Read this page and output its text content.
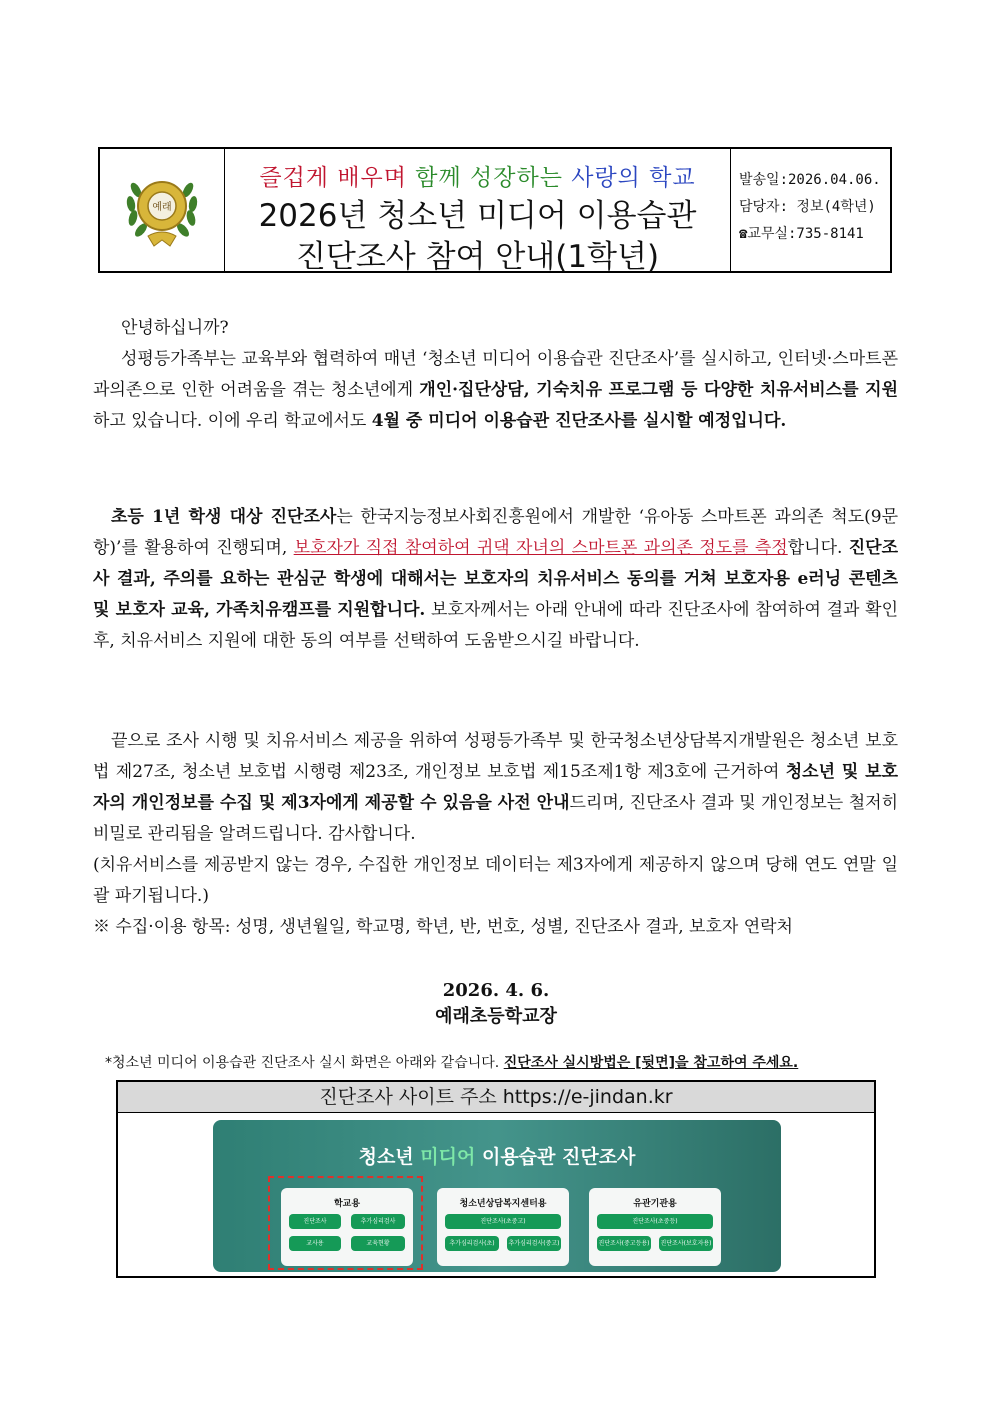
예래
즐겁게 배우며 함께 성장하는 사랑의 학교
2026년 청소년 미디어 이용습관
진단조사 참여 안내(1학년)
발송일:2026.04.06.
담당자: 정보(4학년)
☎교무실:735-8141
안녕하십니까?
성평등가족부는 교육부와 협력하여 매년 ‘청소년 미디어 이용습관 진단조사’를 실시하고, 인터넷·스마트폰 과의존으로 인한 어려움을 겪는 청소년에게 개인·집단상담, 기숙치유 프로그램 등 다양한 치유서비스를 지원하고 있습니다. 이에 우리 학교에서도 4월 중 미디어 이용습관 진단조사를 실시할 예정입니다.
초등 1년 학생 대상 진단조사는 한국지능정보사회진흥원에서 개발한 ‘유아동 스마트폰 과의존 척도(9문항)’를 활용하여 진행되며, 보호자가 직접 참여하여 귀댁 자녀의 스마트폰 과의존 정도를 측정합니다. 진단조사 결과, 주의를 요하는 관심군 학생에 대해서는 보호자의 치유서비스 동의를 거쳐 보호자용 e러닝 콘텐츠 및 보호자 교육, 가족치유캠프를 지원합니다. 보호자께서는 아래 안내에 따라 진단조사에 참여하여 결과 확인 후, 치유서비스 지원에 대한 동의 여부를 선택하여 도움받으시길 바랍니다.
끝으로 조사 시행 및 치유서비스 제공을 위하여 성평등가족부 및 한국청소년상담복지개발원은 청소년 보호법 제27조, 청소년 보호법 시행령 제23조, 개인정보 보호법 제15조제1항 제3호에 근거하여 청소년 및 보호자의 개인정보를 수집 및 제3자에게 제공할 수 있음을 사전 안내드리며, 진단조사 결과 및 개인정보는 철저히 비밀로 관리됨을 알려드립니다. 감사합니다.
(치유서비스를 제공받지 않는 경우, 수집한 개인정보 데이터는 제3자에게 제공하지 않으며 당해 연도 연말 일괄 파기됩니다.)
※ 수집·이용 항목: 성명, 생년월일, 학교명, 학년, 반, 번호, 성별, 진단조사 결과, 보호자 연락처
2026. 4. 6.
예래초등학교장
*청소년 미디어 이용습관 진단조사 실시 화면은 아래와 같습니다. 진단조사 실시방법은 [뒷면]을 참고하여 주세요.
진단조사 사이트 주소 https://e-jindan.kr
청소년 미디어 이용습관 진단조사
학교용
진단조사	추가심리검사
교사용	교육현황
청소년상담복지센터용
진단조사(초중고)
추가심리검사(초)	추가심리검사(중고)
유관기관용
진단조사(초중등)
진단조사(중고등용) 진단조사(보호자용)
